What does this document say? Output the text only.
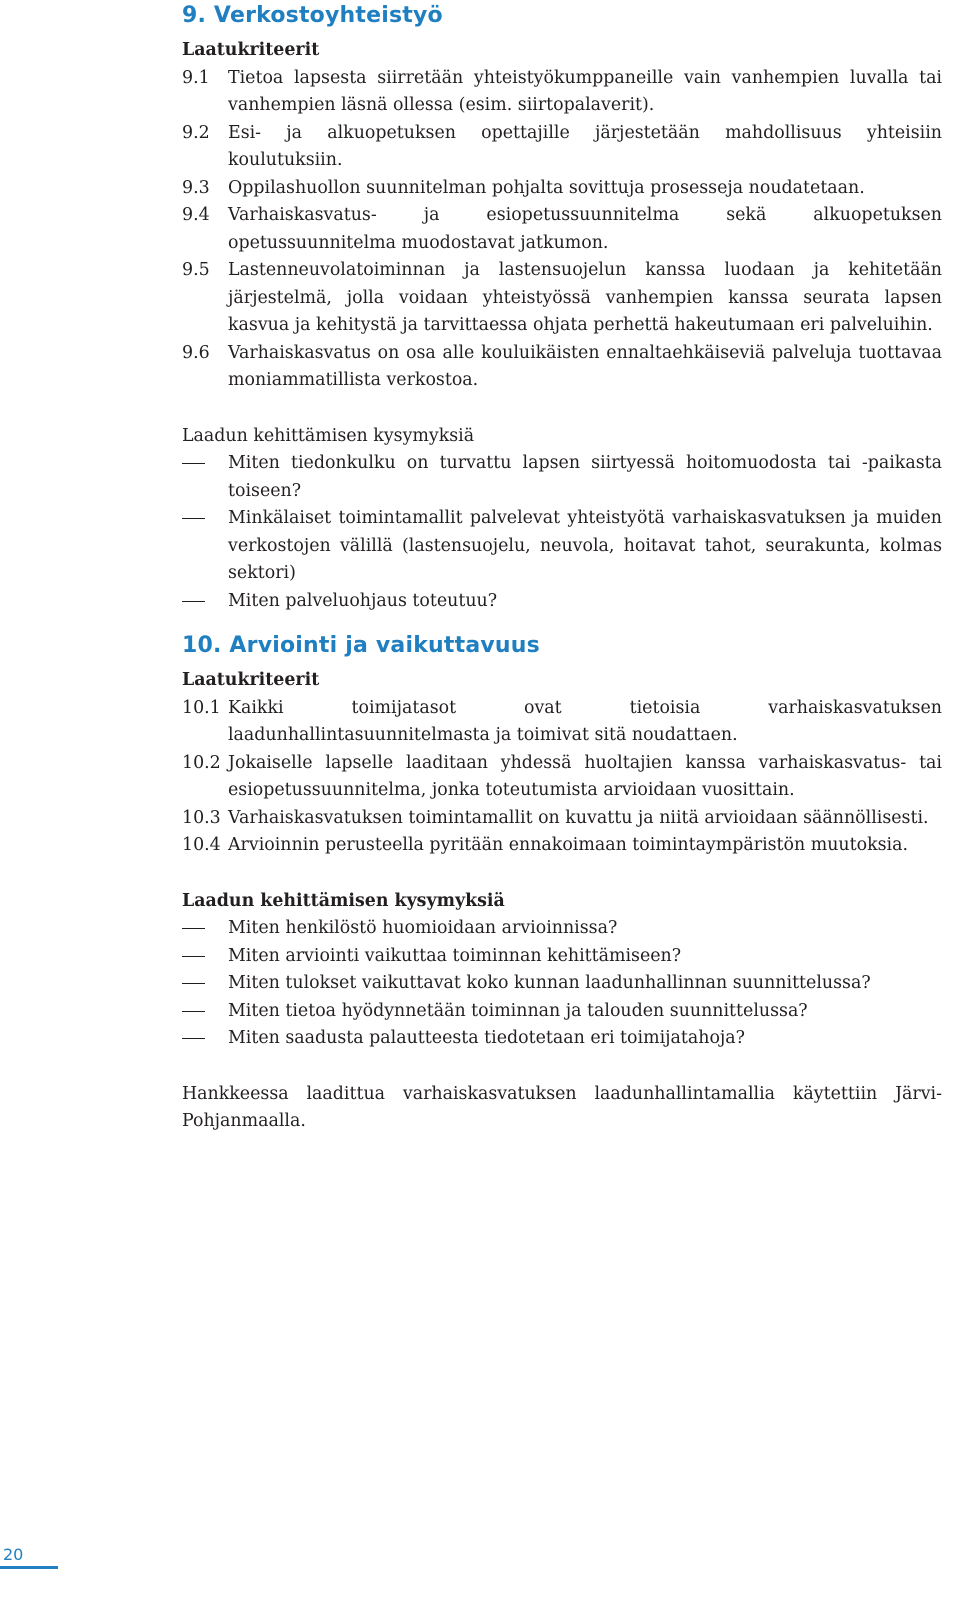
9. Verkostoyhteistyö

Laatukriteerit

9.1 Tietoa lapsesta siirretään yhteistyökumppaneille vain vanhempien luvalla tai vanhempien läsnä ollessa (esim. siirtopalaverit).
9.2 Esi- ja alkuopetuksen opettajille järjestetään mahdollisuus yhteisiin koulutuksiin.
9.3 Oppilashuollon suunnitelman pohjalta sovittuja prosesseja noudatetaan.
9.4 Varhaiskasvatus- ja esiopetussuunnitelma sekä alkuopetuksen opetussuunnitelma muodostavat jatkumon.
9.5 Lastenneuvolatoiminnan ja lastensuojelun kanssa luodaan ja kehitetään järjestelmä, jolla voidaan yhteistyössä vanhempien kanssa seurata lapsen kasvua ja kehitystä ja tarvittaessa ohjata perhettä hakeutumaan eri palveluihin.
9.6 Varhaiskasvatus on osa alle kouluikäisten ennaltaehkäiseviä palveluja tuottavaa moniammatillista verkostoa.

Laadun kehittämisen kysymyksiä

Miten tiedonkulku on turvattu lapsen siirtyessä hoitomuodosta tai -paikasta toiseen?
Minkälaiset toimintamallit palvelevat yhteistyötä varhaiskasvatuksen ja muiden verkostojen välillä (lastensuojelu, neuvola, hoitavat tahot, seurakunta, kolmas sektori)
Miten palveluohjaus toteutuu?
10. Arviointi ja vaikuttavuus

Laatukriteerit

10.1 Kaikki toimijatasot ovat tietoisia varhaiskasvatuksen laadunhallintasuunnitelmasta ja toimivat sitä noudattaen.
10.2 Jokaiselle lapselle laaditaan yhdessä huoltajien kanssa varhaiskasvatus- tai esiopetussuunnitelma, jonka toteutumista arvioidaan vuosittain.
10.3 Varhaiskasvatuksen toimintamallit on kuvattu ja niitä arvioidaan säännöllisesti.
10.4 Arvioinnin perusteella pyritään ennakoimaan toimintaympäristön muutoksia.

Laadun kehittämisen kysymyksiä

Miten henkilöstö huomioidaan arvioinnissa?
Miten arviointi vaikuttaa toiminnan kehittämiseen?
Miten tulokset vaikuttavat koko kunnan laadunhallinnan suunnittelussa?
Miten tietoa hyödynnetään toiminnan ja talouden suunnittelussa?
Miten saadusta palautteesta tiedotetaan eri toimijatahoja?

Hankkeessa laadittua varhaiskasvatuksen laadunhallintamallia käytettiin Järvi-Pohjanmaalla.

20
